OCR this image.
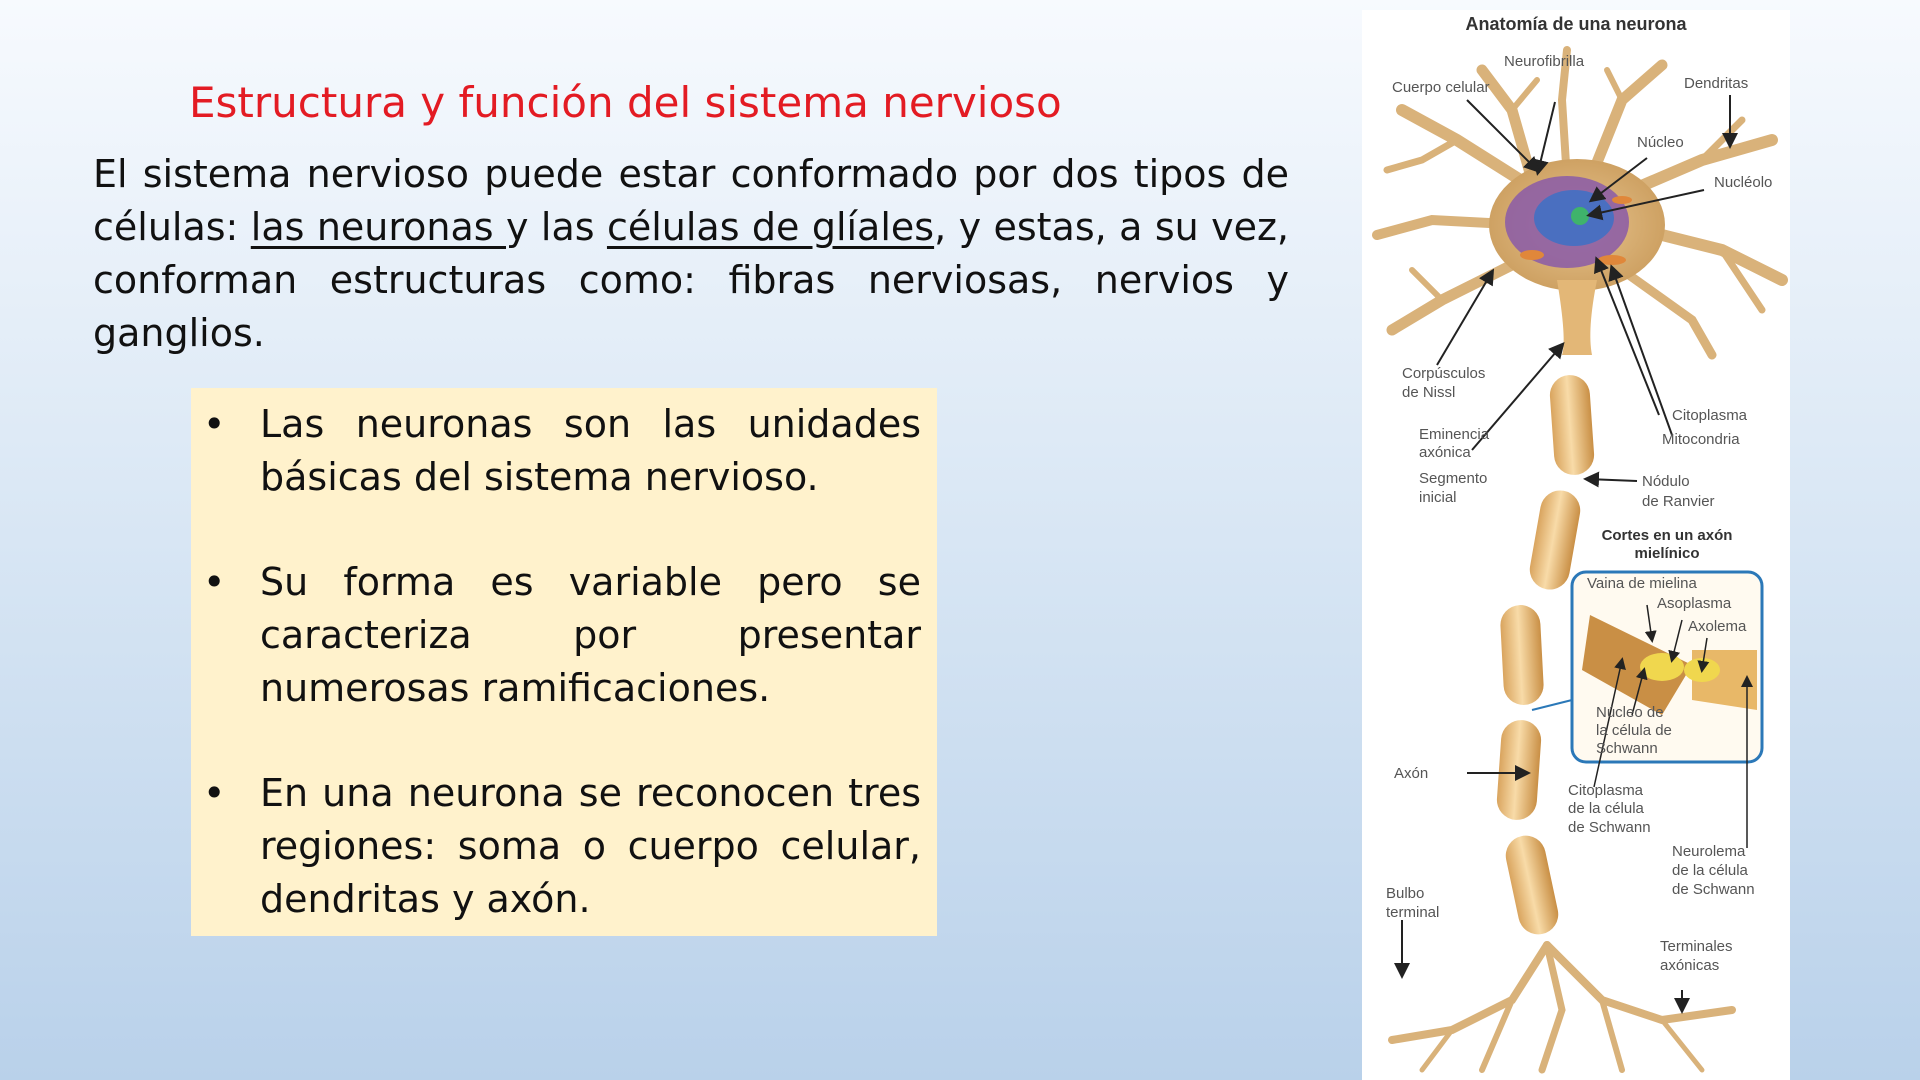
Estructura y función del sistema nervioso
El sistema nervioso puede estar conformado por dos tipos de células: las neuronas y las células de glíales, y estas, a su vez, conforman estructuras como: fibras nerviosas, nervios y ganglios.
• Las neuronas son las unidades básicas del sistema nervioso.
• Su forma es variable pero se caracteriza por presentar numerosas ramificaciones.
• En una neurona se reconocen tres regiones: soma o cuerpo celular, dendritas y axón.
Anatomía de una neurona
Neurofibrilla
Cuerpo celular	Dendritas
Núcleo
Nucléolo
Corpúsculos
de Nissl
Citoplasma
Mitocondria
Eminencia
axónica
Segmento
inicial
Nódulo
de Ranvier
Cortes en un axón
mielínico
Vaina de mielina
Asoplasma
Axolema
Núcleo de
la célula de
Schwann
Axón
Citoplasma
de la célula
de Schwann
Neurolema
de la célula
de Schwann
Bulbo
terminal
Terminales
axónicas
